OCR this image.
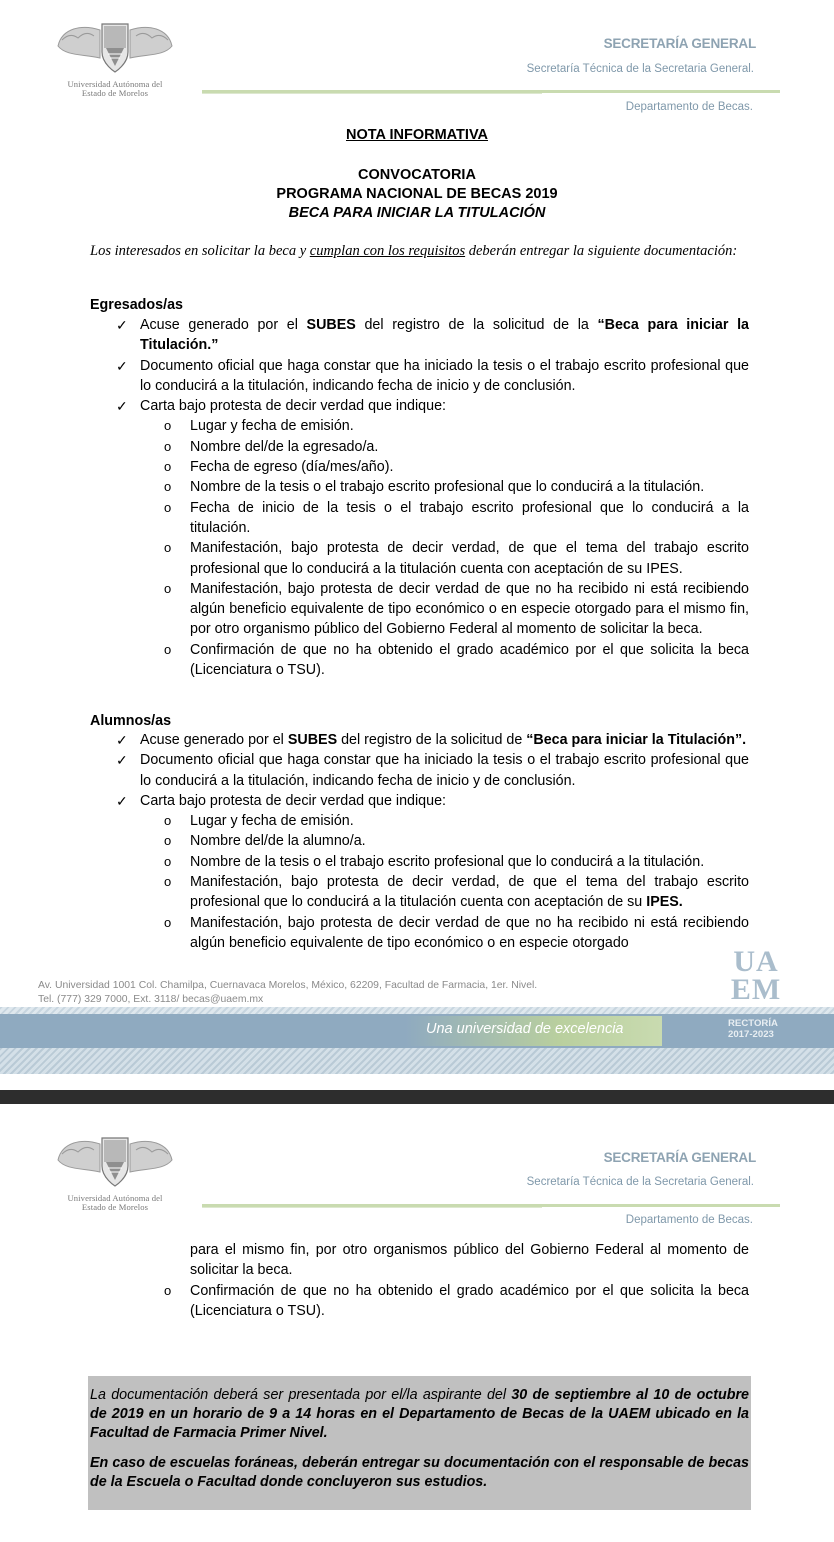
Universidad Autónoma del
Estado de Morelos
SECRETARÍA GENERAL
Secretaría Técnica de la Secretaria General.
Departamento de Becas.
NOTA INFORMATIVA
CONVOCATORIA
PROGRAMA NACIONAL DE BECAS 2019
BECA PARA INICIAR LA TITULACIÓN
Los interesados en solicitar la beca y cumplan con los requisitos deberán entregar la siguiente documentación:
Egresados/as
✓ Acuse generado por el SUBES del registro de la solicitud de la “Beca para iniciar la Titulación.”
✓ Documento oficial que haga constar que ha iniciado la tesis o el trabajo escrito profesional que lo conducirá a la titulación, indicando fecha de inicio y de conclusión.
✓ Carta bajo protesta de decir verdad que indique:
o Lugar y fecha de emisión.
o Nombre del/de la egresado/a.
o Fecha de egreso (día/mes/año).
o Nombre de la tesis o el trabajo escrito profesional que lo conducirá a la titulación.
o Fecha de inicio de la tesis o el trabajo escrito profesional que lo conducirá a la titulación.
o Manifestación, bajo protesta de decir verdad, de que el tema del trabajo escrito profesional que lo conducirá a la titulación cuenta con aceptación de su IPES.
o Manifestación, bajo protesta de decir verdad de que no ha recibido ni está recibiendo algún beneficio equivalente de tipo económico o en especie otorgado para el mismo fin, por otro organismo público del Gobierno Federal al momento de solicitar la beca.
o Confirmación de que no ha obtenido el grado académico por el que solicita la beca (Licenciatura o TSU).
Alumnos/as
✓ Acuse generado por el SUBES del registro de la solicitud de “Beca para iniciar la Titulación”.
✓ Documento oficial que haga constar que ha iniciado la tesis o el trabajo escrito profesional que lo conducirá a la titulación, indicando fecha de inicio y de conclusión.
✓ Carta bajo protesta de decir verdad que indique:
o Lugar y fecha de emisión.
o Nombre del/de la alumno/a.
o Nombre de la tesis o el trabajo escrito profesional que lo conducirá a la titulación.
o Manifestación, bajo protesta de decir verdad, de que el tema del trabajo escrito profesional que lo conducirá a la titulación cuenta con aceptación de su IPES.
o Manifestación, bajo protesta de decir verdad de que no ha recibido ni está recibiendo algún beneficio equivalente de tipo económico o en especie otorgado
UA
EM
Av. Universidad 1001 Col. Chamilpa, Cuernavaca Morelos, México, 62209, Facultad de Farmacia, 1er. Nivel.
Tel. (777) 329 7000, Ext. 3118/ becas@uaem.mx
Una universidad de excelencia	RECTORÍA
2017-2023
Universidad Autónoma del
Estado de Morelos
SECRETARÍA GENERAL
Secretaría Técnica de la Secretaria General.
Departamento de Becas.
para el mismo fin, por otro organismos público del Gobierno Federal al momento de solicitar la beca.
o Confirmación de que no ha obtenido el grado académico por el que solicita la beca (Licenciatura o TSU).

La documentación deberá ser presentada por el/la aspirante del 30 de septiembre al 10 de octubre de 2019 en un horario de 9 a 14 horas en el Departamento de Becas de la UAEM ubicado en la Facultad de Farmacia Primer Nivel.

En caso de escuelas foráneas, deberán entregar su documentación con el responsable de becas de la Escuela o Facultad donde concluyeron sus estudios.
